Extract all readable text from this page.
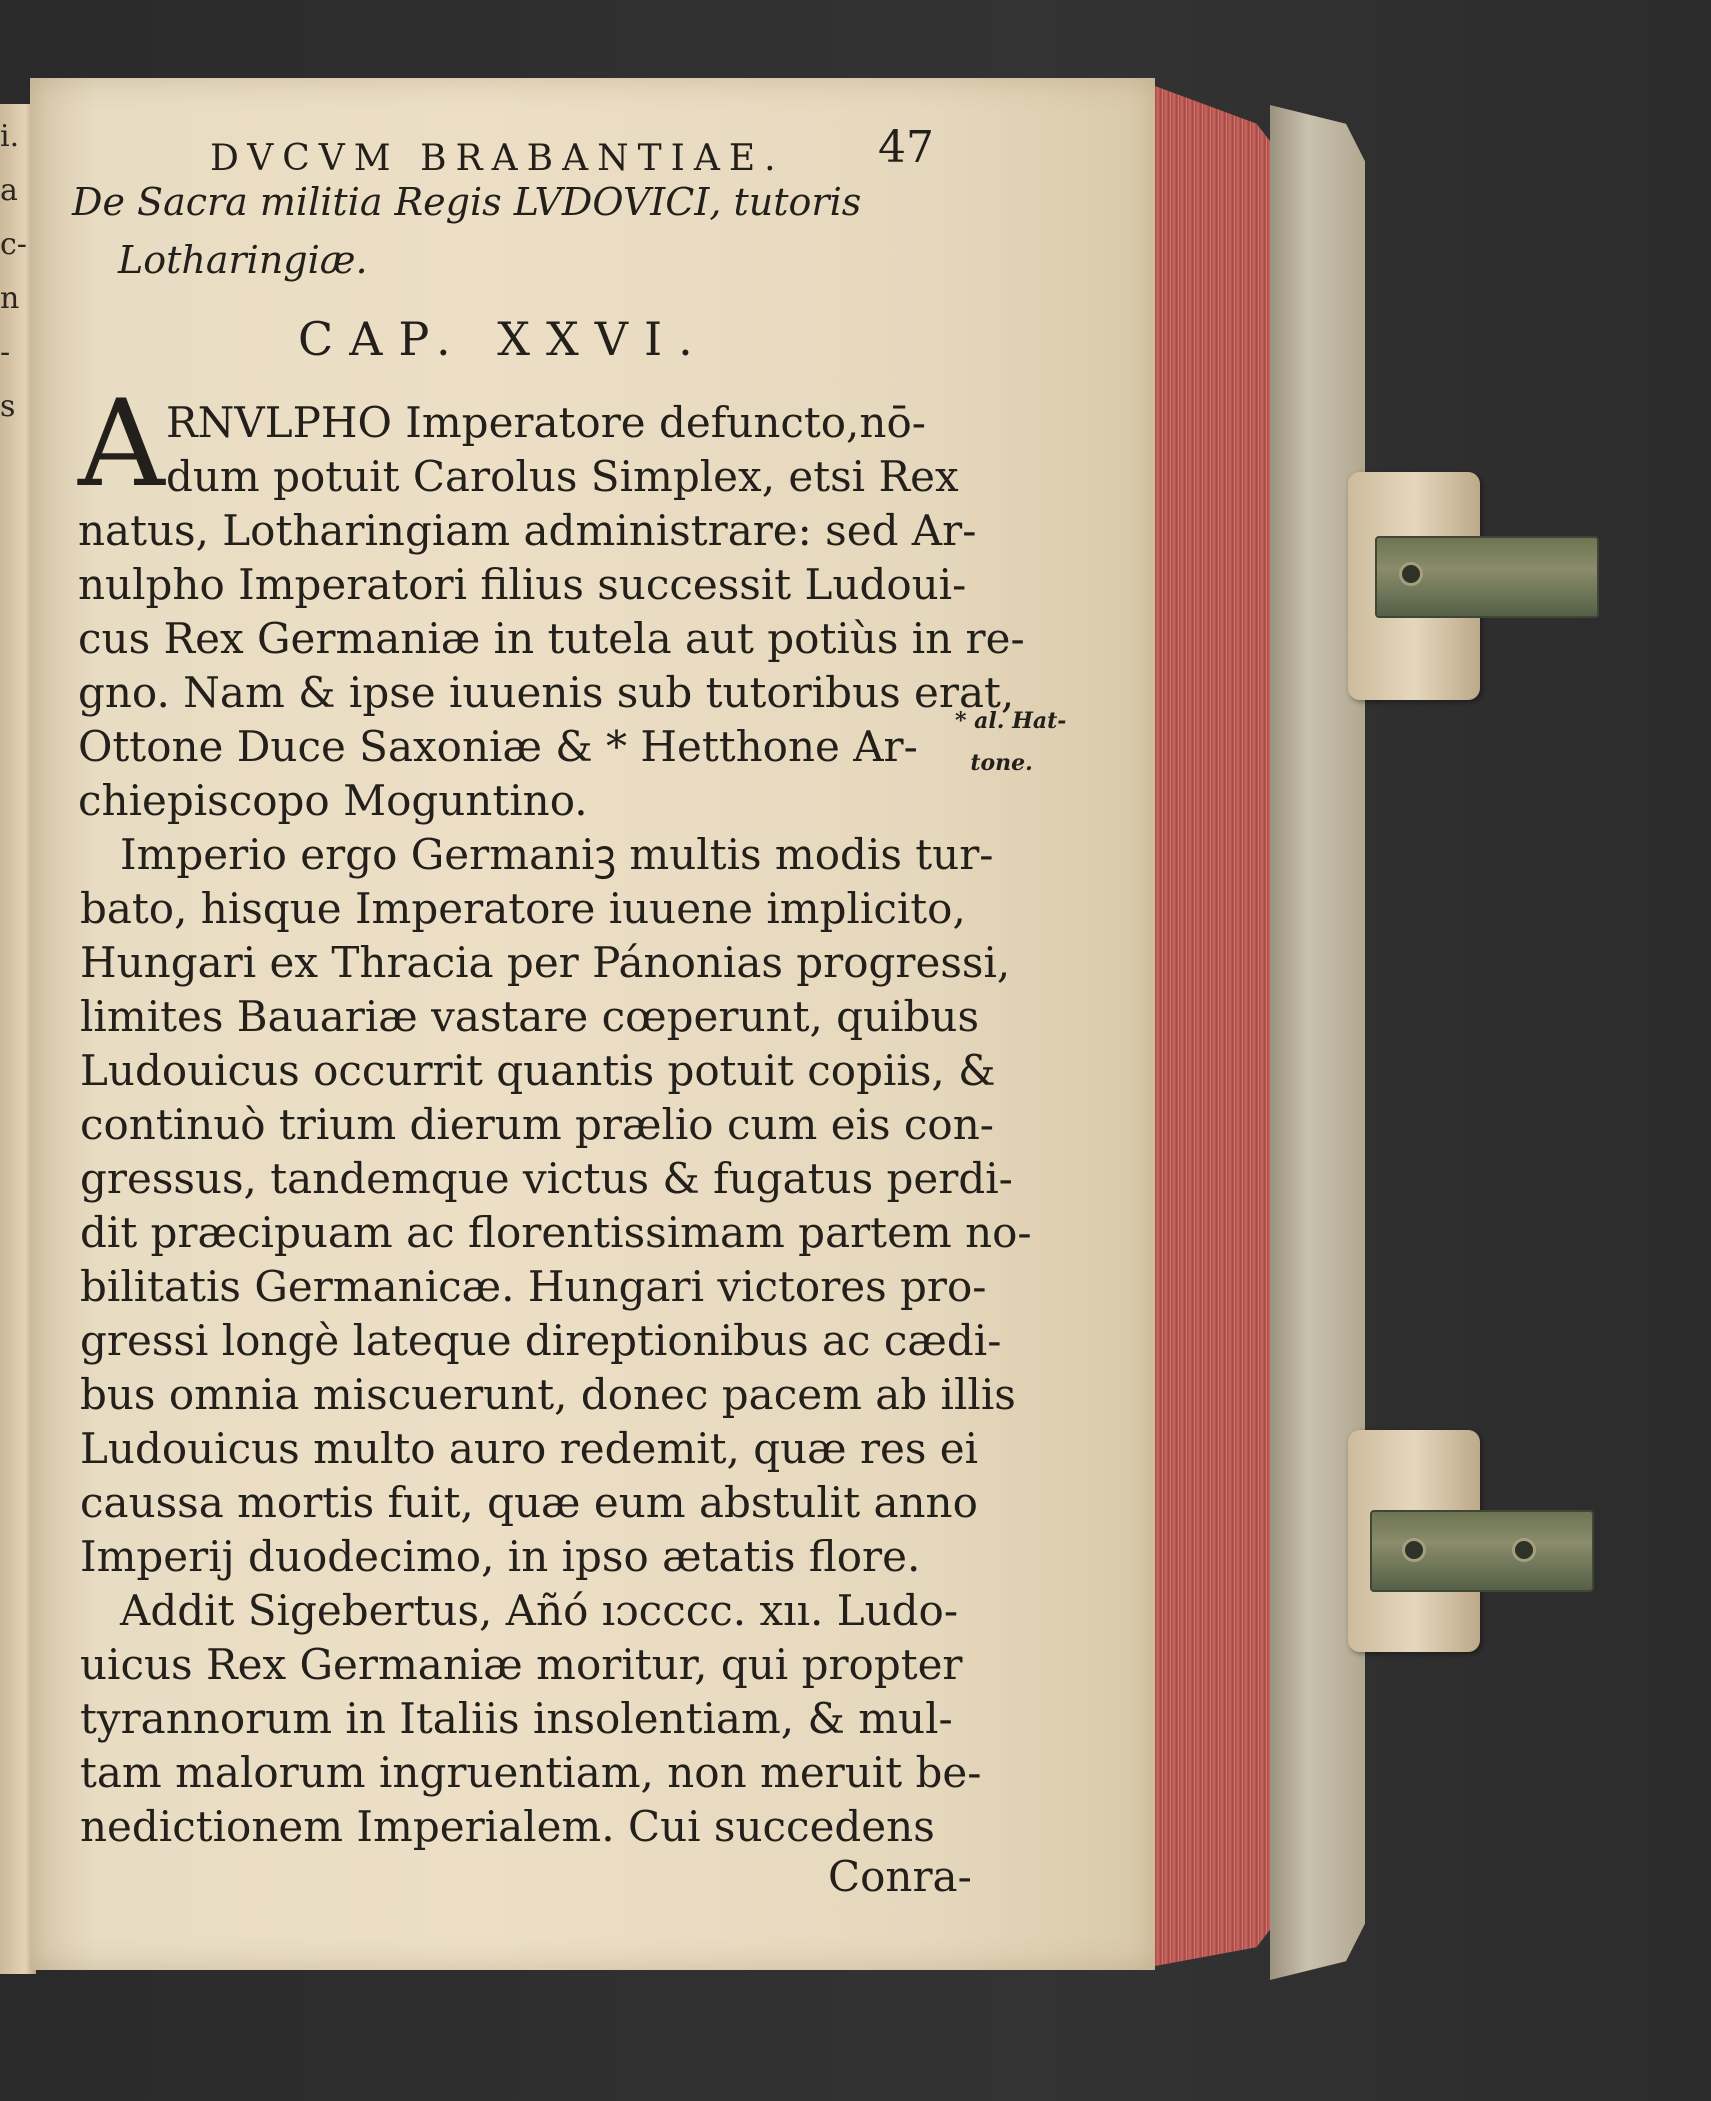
i.
a
c-
n
-
s
DVCVM BRABANTIAE. 47
De Sacra militia Regis LVDOVICI, tutoris
Lotharingiæ.
CAP. XXVI.
A RNVLPHO Imperatore defuncto,nō-
dum potuit Carolus Simplex, etsi Rex
natus, Lotharingiam administrare: sed Ar-
nulpho Imperatori filius successit Ludoui-
cus Rex Germaniæ in tutela aut potiùs in re-
gno. Nam & ipse iuuenis sub tutoribus erat,
Ottone Duce Saxoniæ & * Hetthone Ar-
chiepiscopo Moguntino.
Imperio ergo Germaniꝫ multis modis tur-
bato, hisque Imperatore iuuene implicito,
Hungari ex Thracia per Pánonias progressi,
limites Bauariæ vastare cœperunt, quibus
Ludouicus occurrit quantis potuit copiis, &
continuò trium dierum prælio cum eis con-
gressus, tandemque victus & fugatus perdi-
dit præcipuam ac florentissimam partem no-
bilitatis Germanicæ. Hungari victores pro-
gressi longè lateque direptionibus ac cædi-
bus omnia miscuerunt, donec pacem ab illis
Ludouicus multo auro redemit, quæ res ei
caussa mortis fuit, quæ eum abstulit anno
Imperij duodecimo, in ipso ætatis flore.
Addit Sigebertus, Añó ıɔcccc. xıı. Ludo-
uicus Rex Germaniæ moritur, qui propter
tyrannorum in Italiis insolentiam, & mul-
tam malorum ingruentiam, non meruit be-
nedictionem Imperialem. Cui succedens
Conra-
* al. Hat-
tone.
